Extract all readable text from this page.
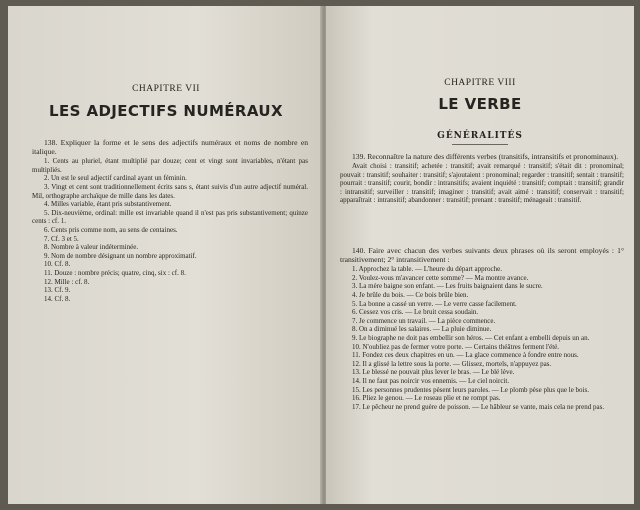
CHAPITRE VII
LES ADJECTIFS NUMÉRAUX

138. Expliquer la forme et le sens des adjectifs numéraux et noms de nombre en italique.

1. Cents au pluriel, étant multiplié par douze; cent et vingt sont invariables, n'étant pas multipliés.

2. Un est le seul adjectif cardinal ayant un féminin.

3. Vingt et cent sont traditionnellement écrits sans s, étant suivis d'un autre adjectif numéral. Mil, orthographe archaïque de mille dans les dates.

4. Milles variable, étant pris substantivement.

5. Dix-neuvième, ordinal: mille est invariable quand il n'est pas pris substantivement; quinze cents : cf. 1.

6. Cents pris comme nom, au sens de centaines.

7. Cf. 3 et 5.

8. Nombre à valeur indéterminée.

9. Nom de nombre désignant un nombre approximatif.

10. Cf. 8.

11. Douze : nombre précis; quatre, cinq, six : cf. 8.

12. Mille : cf. 8.

13. Cf. 9.

14. Cf. 8.

CHAPITRE VIII
LE VERBE
GÉNÉRALITÉS

139. Reconnaître la nature des différents verbes (transitifs, intransitifs et pronominaux).

Avait choisi : transitif; achetée : transitif; avait remarqué : transitif; s'était dit : pronominal; pouvait : transitif; souhaiter : transitif; s'ajoutaient : pronominal; regarder : transitif; sentait : transitif; pourrait : transitif; courir, bondir : intransitifs; avaient inquiété : transitif; comptait : transitif; grandir : intransitif; surveiller : transitif; imaginer : transitif; avait aimé : transitif; conservait : transitif; apparaîtrait : intransitif; abandonner : transitif; prenant : transitif; ménageait : transitif.

140. Faire avec chacun des verbes suivants deux phrases où ils seront employés : 1° transitivement; 2° intransitivement :

1. Approchez la table. — L'heure du départ approche.

2. Voulez-vous m'avancer cette somme? — Ma montre avance.

3. La mère baigne son enfant. — Les fruits baignaient dans le sucre.

4. Je brûle du bois. — Ce bois brûle bien.

5. La bonne a cassé un verre. — Le verre casse facilement.

6. Cessez vos cris. — Le bruit cessa soudain.

7. Je commence un travail. — La pièce commence.

8. On a diminué les salaires. — La pluie diminue.

9. Le biographe ne doit pas embellir son héros. — Cet enfant a embelli depuis un an.

10. N'oubliez pas de fermer votre porte. — Certains théâtres ferment l'été.

11. Fondez ces deux chapitres en un. — La glace commence à fondre entre nous.

12. Il a glissé la lettre sous la porte. — Glissez, mortels, n'appuyez pas.

13. Le blessé ne pouvait plus lever le bras. — Le blé lève.

14. Il ne faut pas noircir vos ennemis. — Le ciel noircit.

15. Les personnes prudentes pèsent leurs paroles. — Le plomb pèse plus que le bois.

16. Pliez le genou. — Le roseau plie et ne rompt pas.

17. Le pêcheur ne prend guère de poisson. — Le hâbleur se vante, mais cela ne prend pas.
